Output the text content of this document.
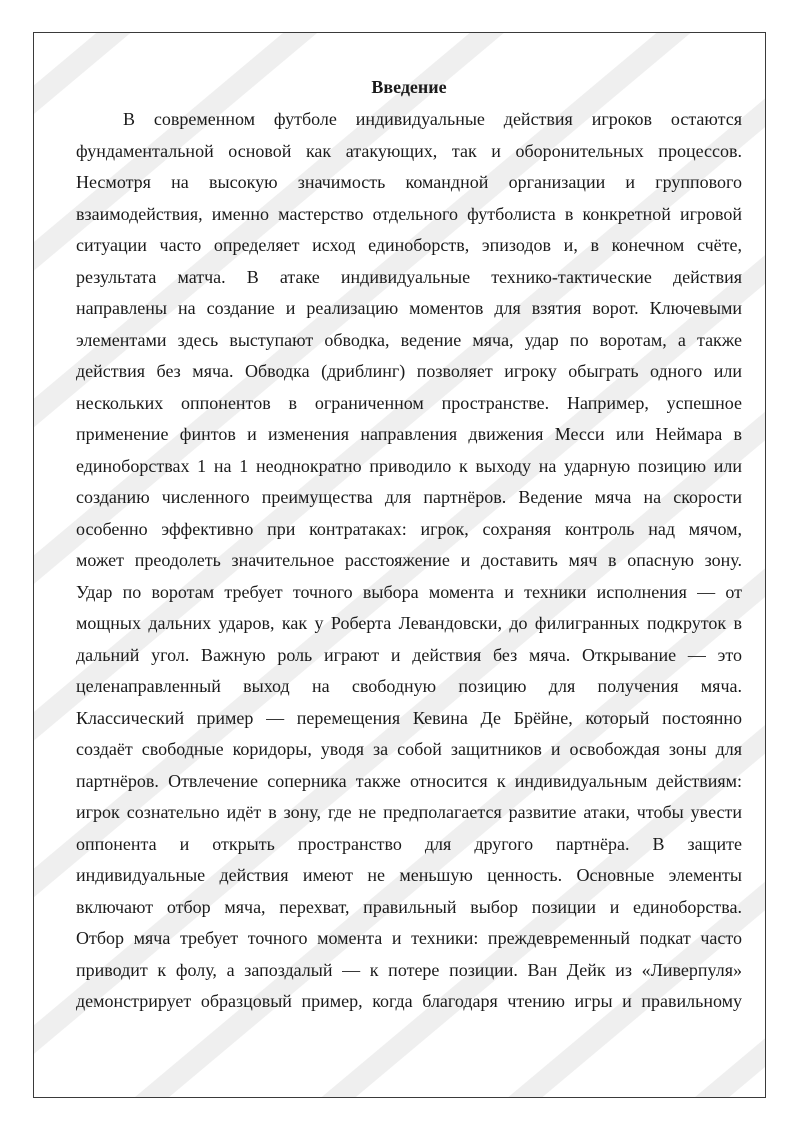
Введение
В современном футболе индивидуальные действия игроков остаются
фундаментальной основой как атакующих, так и оборонительных процессов.
Несмотря на высокую значимость командной организации и группового
взаимодействия, именно мастерство отдельного футболиста в конкретной игровой
ситуации часто определяет исход единоборств, эпизодов и, в конечном счёте,
результата матча. В атаке индивидуальные технико-тактические действия
направлены на создание и реализацию моментов для взятия ворот. Ключевыми
элементами здесь выступают обводка, ведение мяча, удар по воротам, а также
действия без мяча. Обводка (дриблинг) позволяет игроку обыграть одного или
нескольких оппонентов в ограниченном пространстве. Например, успешное
применение финтов и изменения направления движения Месси или Неймара в
единоборствах 1 на 1 неоднократно приводило к выходу на ударную позицию или
созданию численного преимущества для партнёров. Ведение мяча на скорости
особенно эффективно при контратаках: игрок, сохраняя контроль над мячом,
может преодолеть значительное расстояжение и доставить мяч в опасную зону.
Удар по воротам требует точного выбора момента и техники исполнения — от
мощных дальних ударов, как у Роберта Левандовски, до филигранных подкруток в
дальний угол. Важную роль играют и действия без мяча. Открывание — это
целенаправленный выход на свободную позицию для получения мяча.
Классический пример — перемещения Кевина Де Брёйне, который постоянно
создаёт свободные коридоры, уводя за собой защитников и освобождая зоны для
партнёров. Отвлечение соперника также относится к индивидуальным действиям:
игрок сознательно идёт в зону, где не предполагается развитие атаки, чтобы увести
оппонента и открыть пространство для другого партнёра. В защите
индивидуальные действия имеют не меньшую ценность. Основные элементы
включают отбор мяча, перехват, правильный выбор позиции и единоборства.
Отбор мяча требует точного момента и техники: преждевременный подкат часто
приводит к фолу, а запоздалый — к потере позиции. Ван Дейк из «Ливерпуля»
демонстрирует образцовый пример, когда благодаря чтению игры и правильному
